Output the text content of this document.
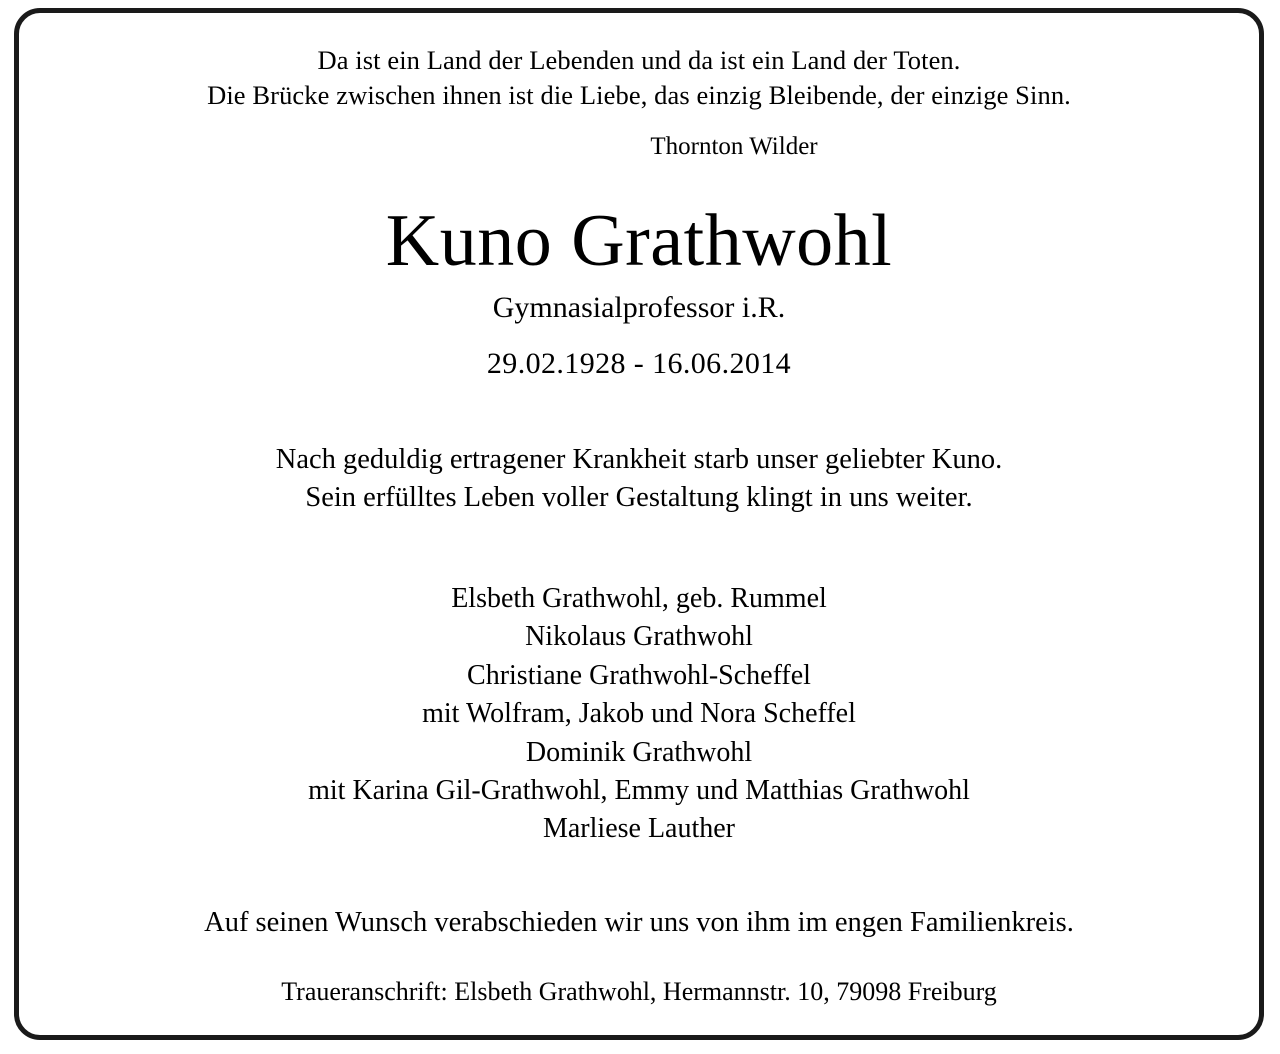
Da ist ein Land der Lebenden und da ist ein Land der Toten.
Die Brücke zwischen ihnen ist die Liebe, das einzig Bleibende, der einzige Sinn.
Thornton Wilder
Kuno Grathwohl
Gymnasialprofessor i.R.
29.02.1928 - 16.06.2014
Nach geduldig ertragener Krankheit starb unser geliebter Kuno.
Sein erfülltes Leben voller Gestaltung klingt in uns weiter.
Elsbeth Grathwohl, geb. Rummel
Nikolaus Grathwohl
Christiane Grathwohl-Scheffel
mit Wolfram, Jakob und Nora Scheffel
Dominik Grathwohl
mit Karina Gil-Grathwohl, Emmy und Matthias Grathwohl
Marliese Lauther
Auf seinen Wunsch verabschieden wir uns von ihm im engen Familienkreis.
Traueranschrift: Elsbeth Grathwohl, Hermannstr. 10, 79098 Freiburg
